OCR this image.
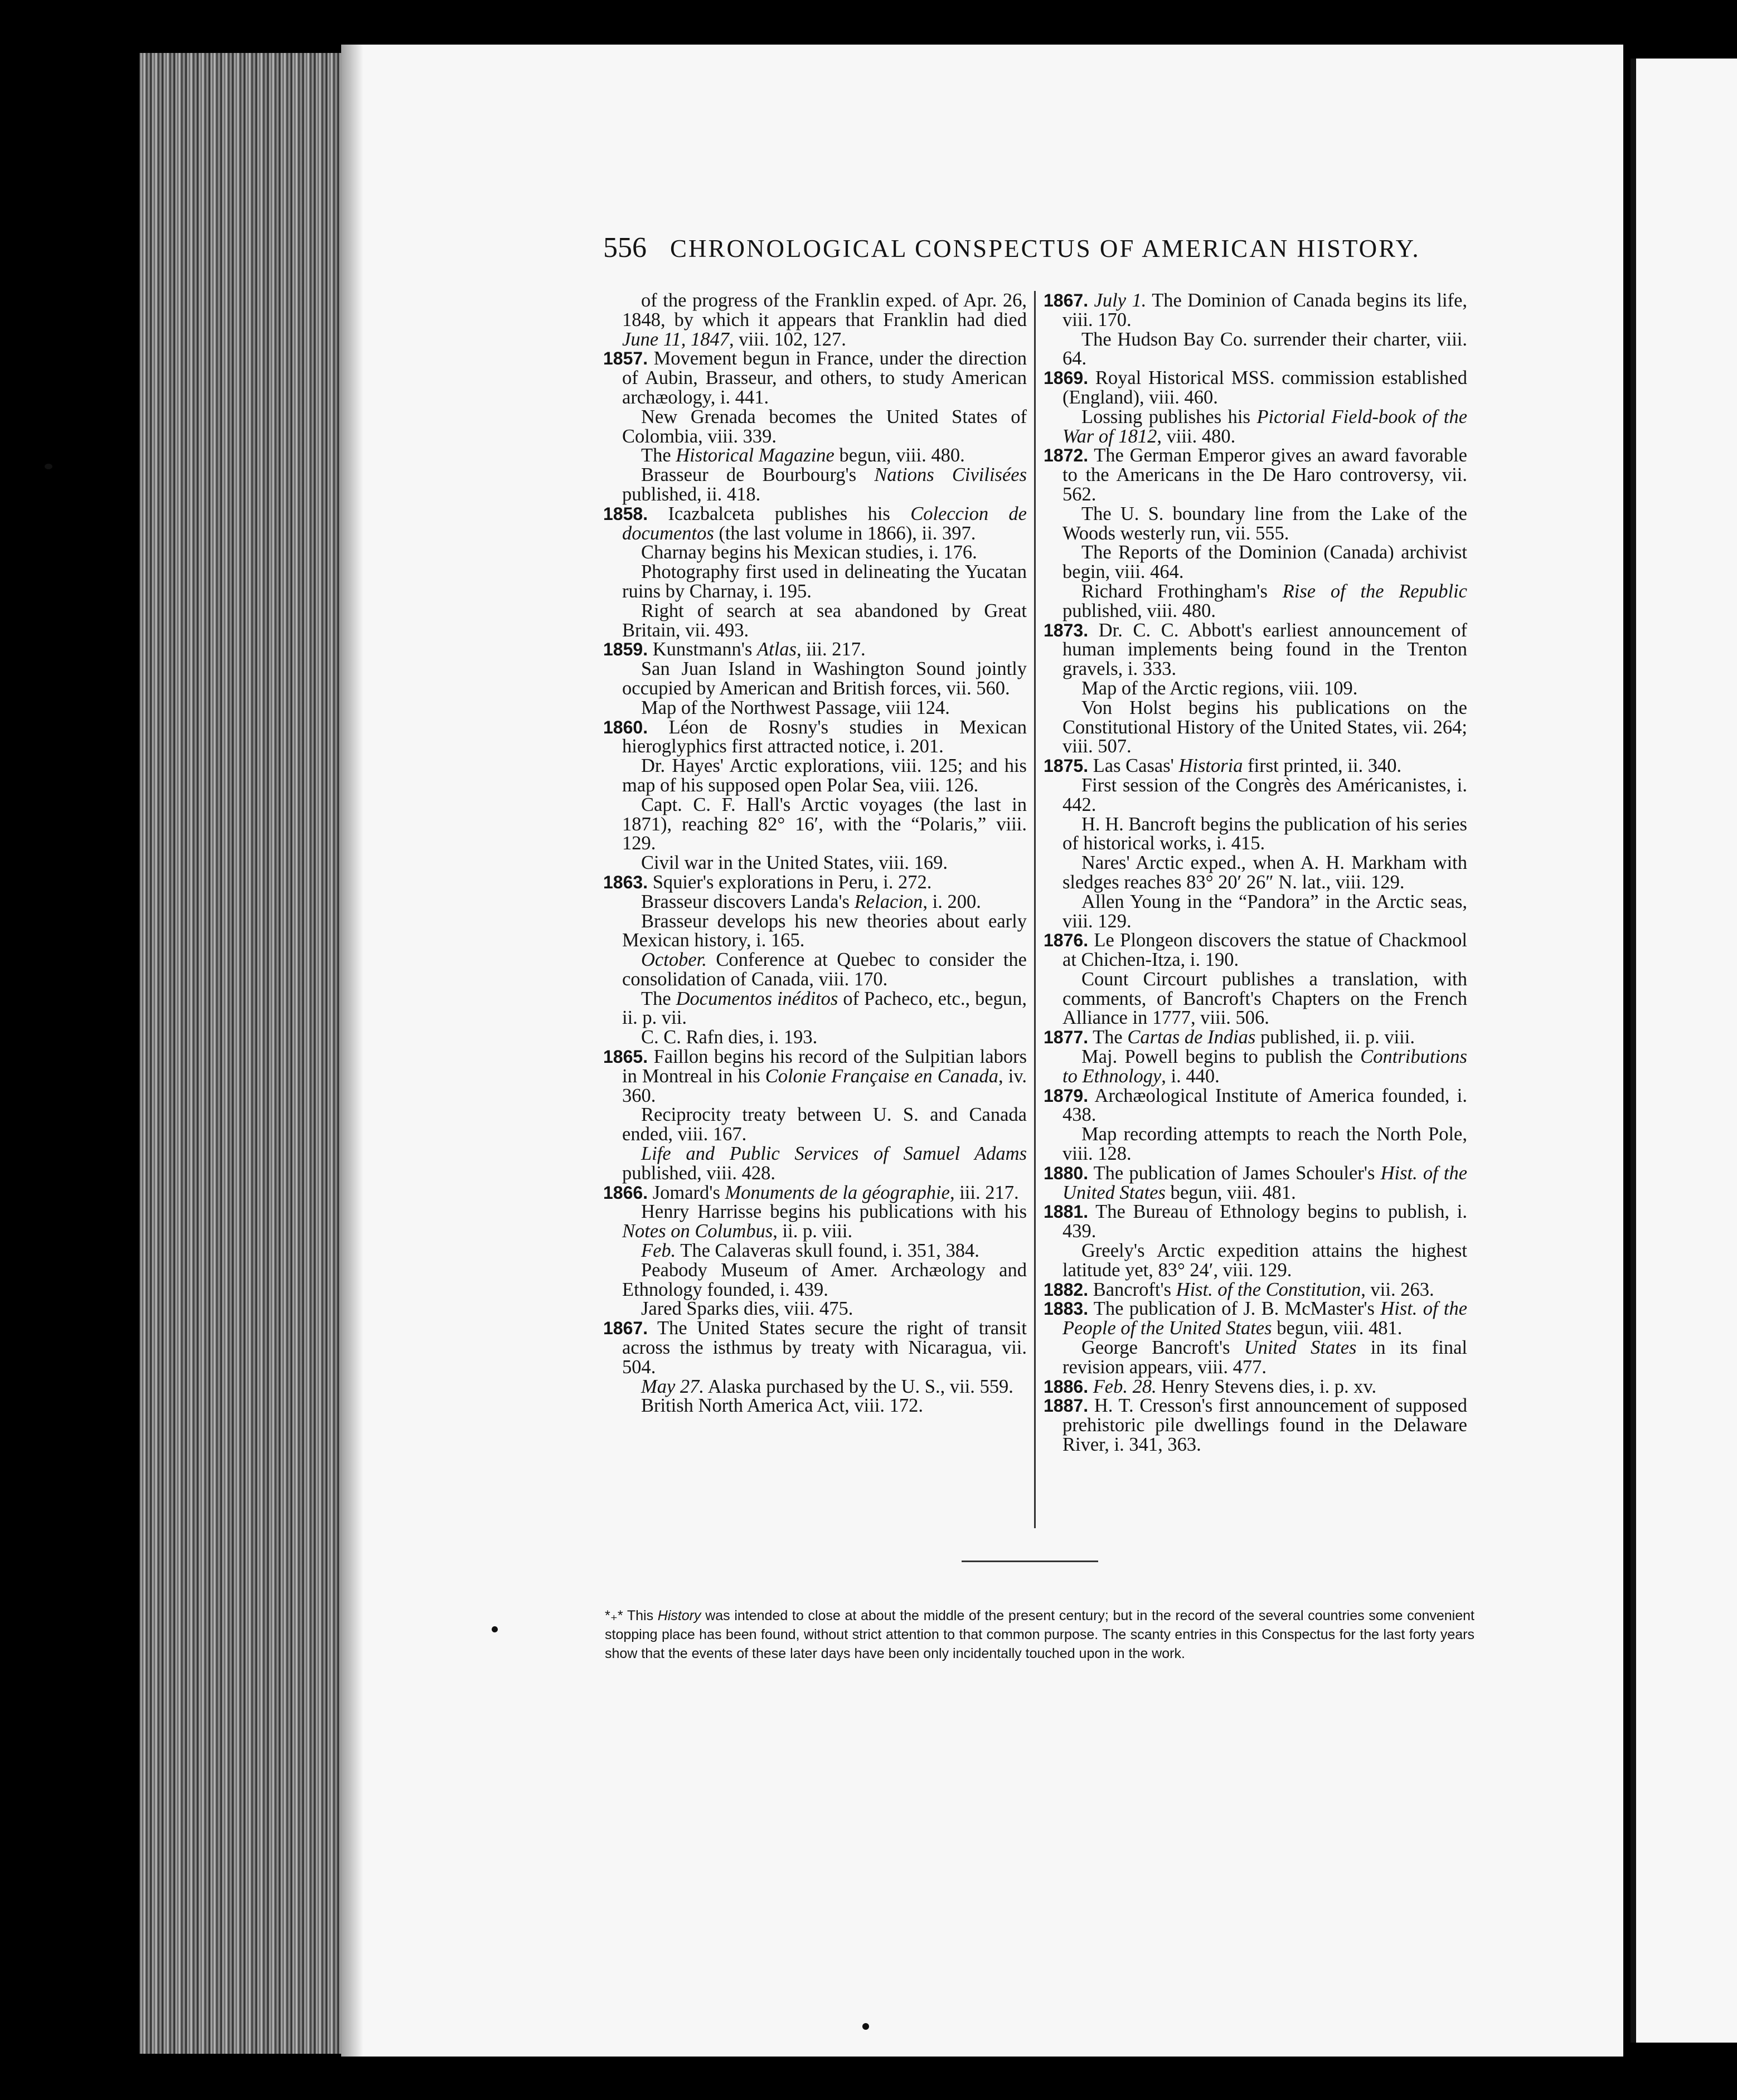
556 CHRONOLOGICAL CONSPECTUS OF AMERICAN HISTORY.

of the progress of the Franklin exped. of Apr. 26, 1848, by which it appears that Franklin had died June 11, 1847, viii. 102, 127.

1857. Movement begun in France, under the direction of Aubin, Brasseur, and others, to study American archæology, i. 441.

New Grenada becomes the United States of Colombia, viii. 339.

The Historical Magazine begun, viii. 480.

Brasseur de Bourbourg's Nations Civilisées published, ii. 418.

1858. Icazbalceta publishes his Coleccion de documentos (the last volume in 1866), ii. 397.

Charnay begins his Mexican studies, i. 176.

Photography first used in delineating the Yucatan ruins by Charnay, i. 195.

Right of search at sea abandoned by Great Britain, vii. 493.

1859. Kunstmann's Atlas, iii. 217.

San Juan Island in Washington Sound jointly occupied by American and British forces, vii. 560.

Map of the Northwest Passage, viii 124.

1860. Léon de Rosny's studies in Mexican hieroglyphics first attracted notice, i. 201.

Dr. Hayes' Arctic explorations, viii. 125; and his map of his supposed open Polar Sea, viii. 126.

Capt. C. F. Hall's Arctic voyages (the last in 1871), reaching 82° 16′, with the “Polaris,” viii. 129.

Civil war in the United States, viii. 169.

1863. Squier's explorations in Peru, i. 272.

Brasseur discovers Landa's Relacion, i. 200.

Brasseur develops his new theories about early Mexican history, i. 165.

October. Conference at Quebec to consider the consolidation of Canada, viii. 170.

The Documentos inéditos of Pacheco, etc., begun, ii. p. vii.

C. C. Rafn dies, i. 193.

1865. Faillon begins his record of the Sulpitian labors in Montreal in his Colonie Française en Canada, iv. 360.

Reciprocity treaty between U. S. and Canada ended, viii. 167.

Life and Public Services of Samuel Adams published, viii. 428.

1866. Jomard's Monuments de la géographie, iii. 217.

Henry Harrisse begins his publications with his Notes on Columbus, ii. p. viii.

Feb. The Calaveras skull found, i. 351, 384.

Peabody Museum of Amer. Archæology and Ethnology founded, i. 439.

Jared Sparks dies, viii. 475.

1867. The United States secure the right of transit across the isthmus by treaty with Nicaragua, vii. 504.

May 27. Alaska purchased by the U. S., vii. 559.

British North America Act, viii. 172.

1867. July 1. The Dominion of Canada begins its life, viii. 170.

The Hudson Bay Co. surrender their charter, viii. 64.

1869. Royal Historical MSS. commission established (England), viii. 460.

Lossing publishes his Pictorial Field-book of the War of 1812, viii. 480.

1872. The German Emperor gives an award favorable to the Americans in the De Haro controversy, vii. 562.

The U. S. boundary line from the Lake of the Woods westerly run, vii. 555.

The Reports of the Dominion (Canada) archivist begin, viii. 464.

Richard Frothingham's Rise of the Republic published, viii. 480.

1873. Dr. C. C. Abbott's earliest announcement of human implements being found in the Trenton gravels, i. 333.

Map of the Arctic regions, viii. 109.

Von Holst begins his publications on the Constitutional History of the United States, vii. 264; viii. 507.

1875. Las Casas' Historia first printed, ii. 340.

First session of the Congrès des Américanistes, i. 442.

H. H. Bancroft begins the publication of his series of historical works, i. 415.

Nares' Arctic exped., when A. H. Markham with sledges reaches 83° 20′ 26″ N. lat., viii. 129.

Allen Young in the “Pandora” in the Arctic seas, viii. 129.

1876. Le Plongeon discovers the statue of Chackmool at Chichen-Itza, i. 190.

Count Circourt publishes a translation, with comments, of Bancroft's Chapters on the French Alliance in 1777, viii. 506.

1877. The Cartas de Indias published, ii. p. viii.

Maj. Powell begins to publish the Contributions to Ethnology, i. 440.

1879. Archæological Institute of America founded, i. 438.

Map recording attempts to reach the North Pole, viii. 128.

1880. The publication of James Schouler's Hist. of the United States begun, viii. 481.

1881. The Bureau of Ethnology begins to publish, i. 439.

Greely's Arctic expedition attains the highest latitude yet, 83° 24′, viii. 129.

1882. Bancroft's Hist. of the Constitution, vii. 263.

1883. The publication of J. B. McMaster's Hist. of the People of the United States begun, viii. 481.

George Bancroft's United States in its final revision appears, viii. 477.

1886. Feb. 28. Henry Stevens dies, i. p. xv.

1887. H. T. Cresson's first announcement of supposed prehistoric pile dwellings found in the Delaware River, i. 341, 363.

*₊* This History was intended to close at about the middle of the present century; but in the record of the several countries some convenient stopping place has been found, without strict attention to that common purpose. The scanty entries in this Conspectus for the last forty years show that the events of these later days have been only incidentally touched upon in the work.
